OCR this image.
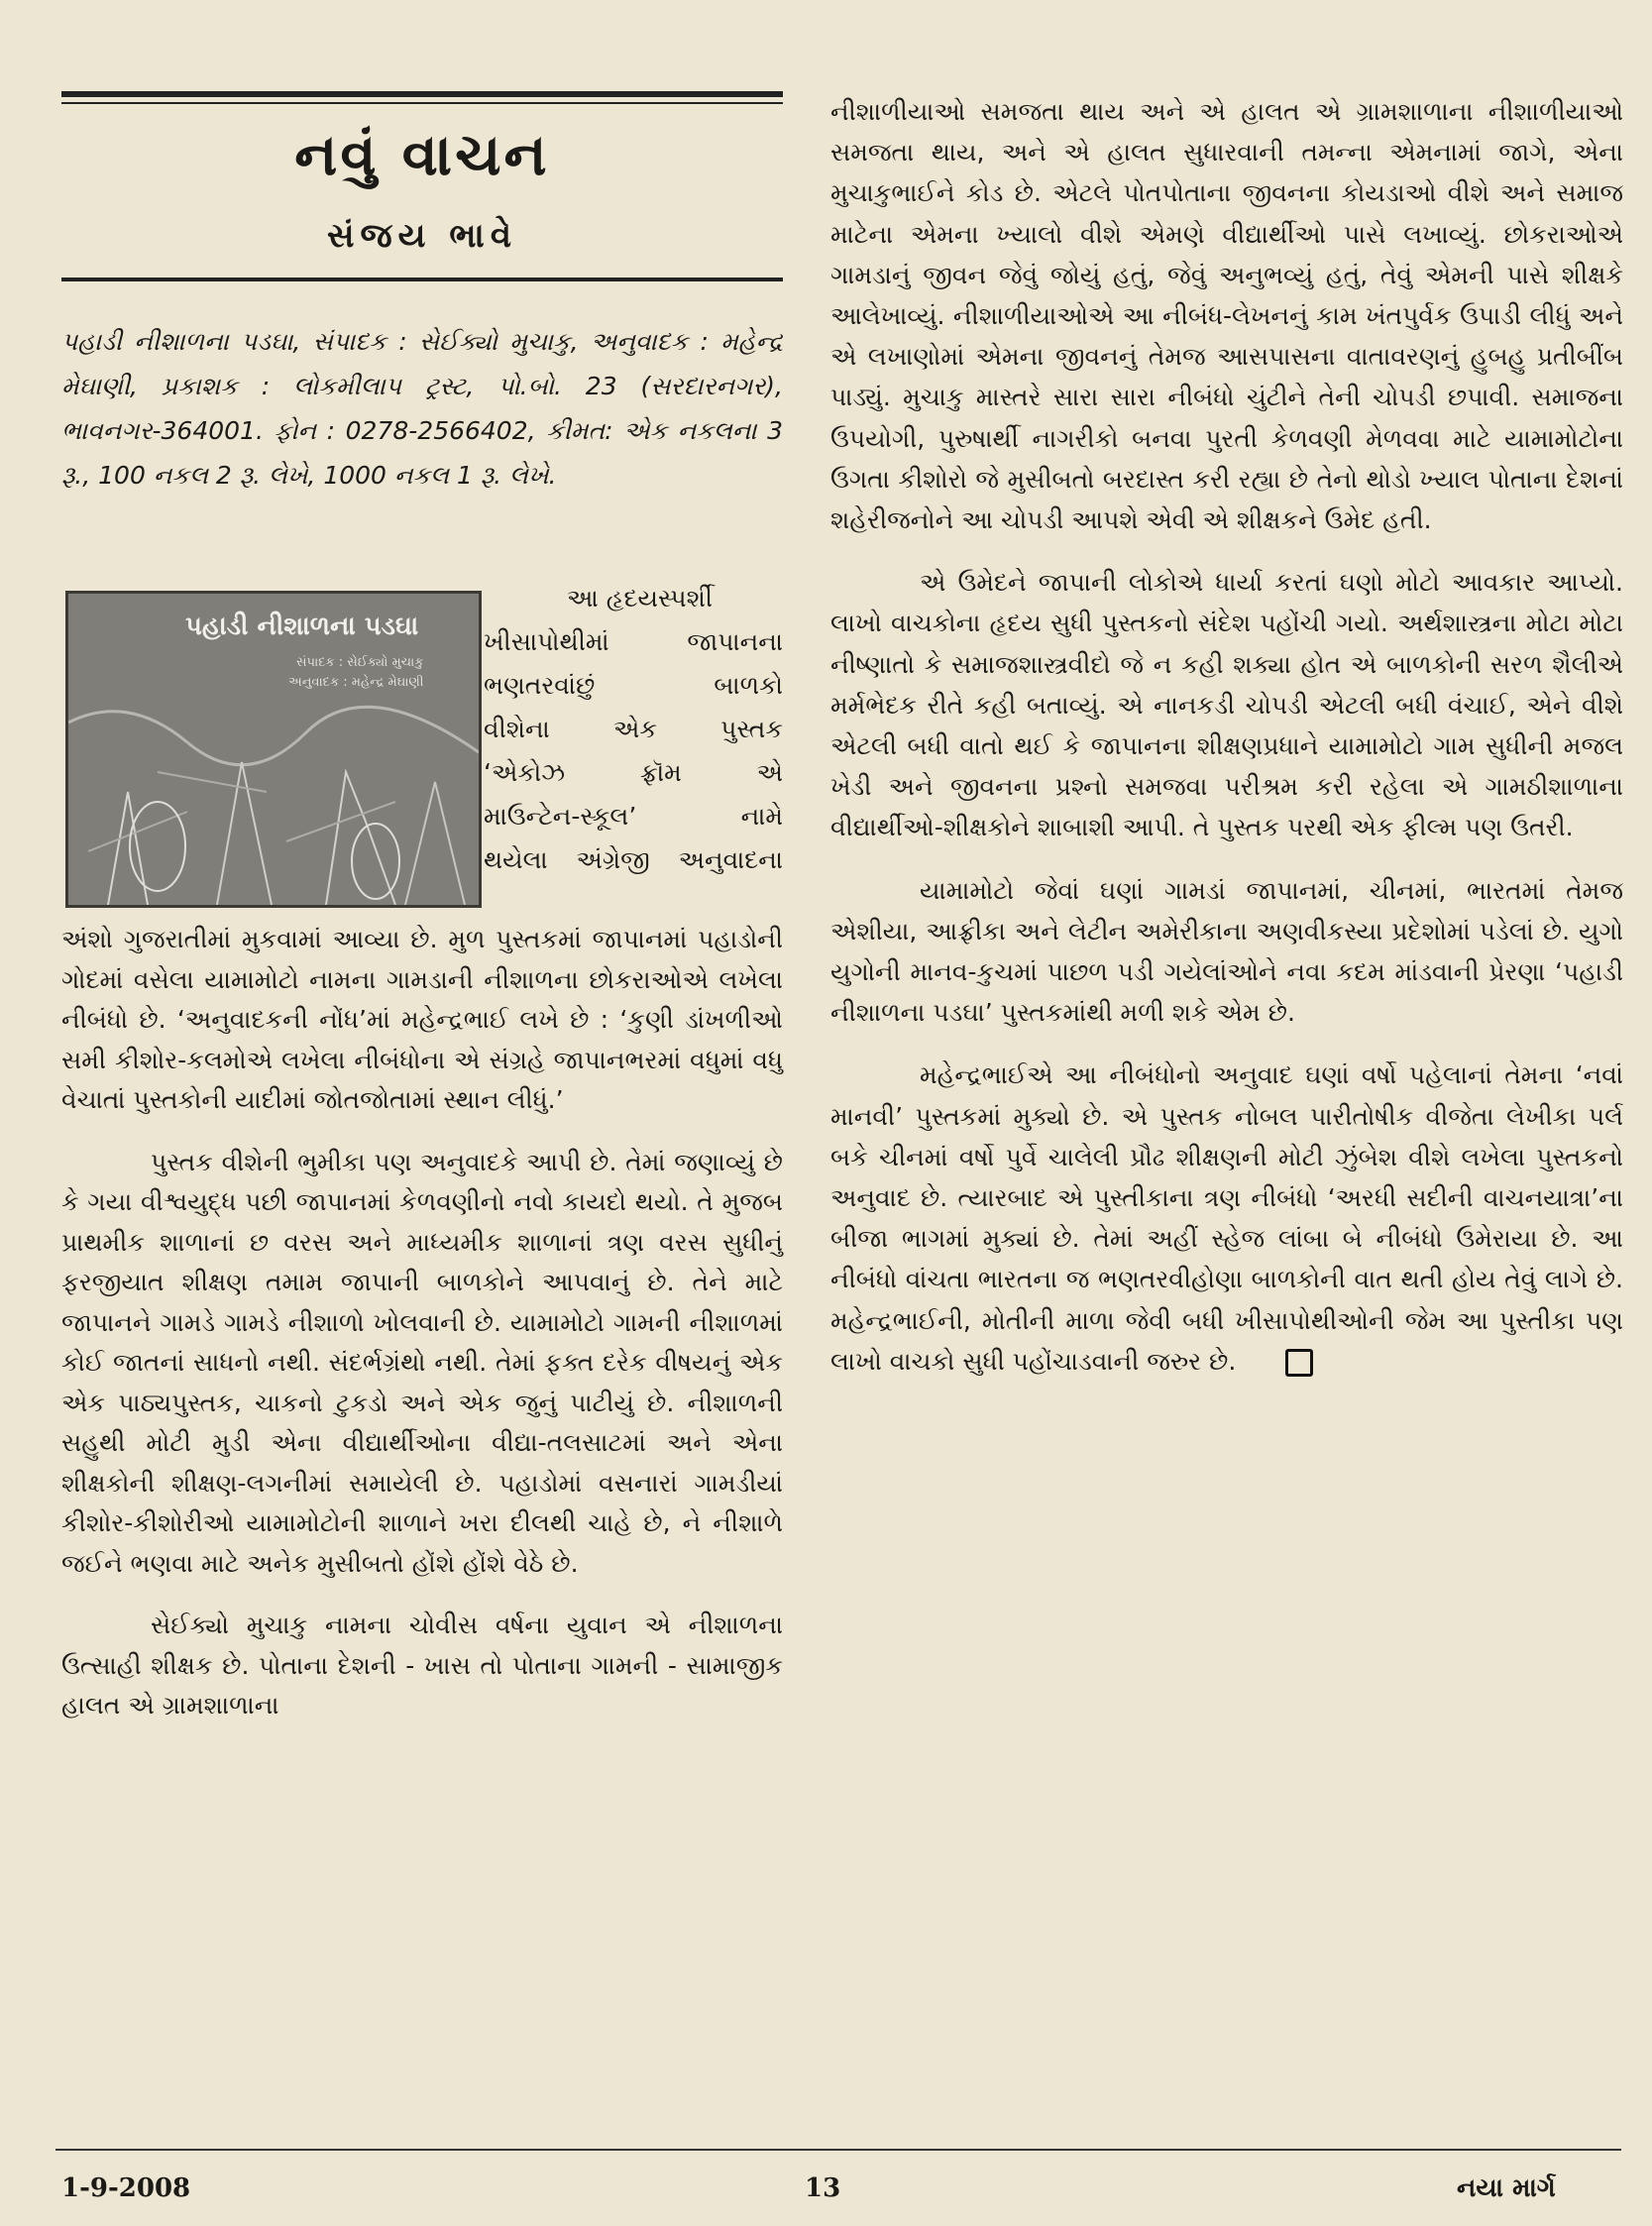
નવું વાચન
સંજય ભાવે

પહાડી નીશાળના પડઘા, સંપાદક : સેઈક્યો મુચાકુ, અનુવાદક : મહેન્દ્ર મેઘાણી, પ્રકાશક : લોકમીલાપ ટ્રસ્ટ, પો.બો. 23 (સરદારનગર), ભાવનગર-364001. ફોન : 0278-2566402, કીમત: એક નકલના 3 રૂ., 100 નકલ 2 રૂ. લેખે, 1000 નકલ 1 રૂ. લેખે.

પહાડી નીશાળના પડઘા
સંપાદક : સેઈક્યો મુચાકુ
અનુવાદક : મહેન્દ્ર મેઘાણી

આ હૃદયસ્પર્શી

ખીસાપોથીમાં જાપાનના

ભણતરવાંછું બાળકો

વીશેના એક પુસ્તક

‘એકોઝ ફ્રૉમ એ

માઉન્ટેન-સ્કૂલ’ નામે

થયેલા અંગ્રેજી અનુવાદના

અંશો ગુજરાતીમાં મુકવામાં આવ્યા છે. મુળ પુસ્તકમાં જાપાનમાં પહાડોની ગોદમાં વસેલા યામામોટો નામના ગામડાની નીશાળના છોકરાઓએ લખેલા નીબંધો છે. ‘અનુવાદકની નોંધ’માં મહેન્દ્રભાઈ લખે છે : ‘કુણી ડાંખળીઓ સમી કીશોર-કલમોએ લખેલા નીબંધોના એ સંગ્રહે જાપાનભરમાં વધુમાં વધુ વેચાતાં પુસ્તકોની યાદીમાં જોતજોતામાં સ્થાન લીધું.’

પુસ્તક વીશેની ભુમીકા પણ અનુવાદકે આપી છે. તેમાં જણાવ્યું છે કે ગયા વીશ્વયુદ્ધ પછી જાપાનમાં કેળવણીનો નવો કાયદો થયો. તે મુજબ પ્રાથમીક શાળાનાં છ વરસ અને માધ્યમીક શાળાનાં ત્રણ વરસ સુધીનું ફરજીયાત શીક્ષણ તમામ જાપાની બાળકોને આપવાનું છે. તેને માટે જાપાનને ગામડે ગામડે નીશાળો ખોલવાની છે. યામામોટો ગામની નીશાળમાં કોઈ જાતનાં સાધનો નથી. સંદર્ભગ્રંથો નથી. તેમાં ફક્ત દરેક વીષયનું એક એક પાઠ્યપુસ્તક, ચાકનો ટુકડો અને એક જુનું પાટીયું છે. નીશાળની સહુથી મોટી મુડી એના વીદ્યાર્થીઓના વીદ્યા-તલસાટમાં અને એના શીક્ષકોની શીક્ષણ-લગનીમાં સમાયેલી છે. પહાડોમાં વસનારાં ગામડીયાં કીશોર-કીશોરીઓ યામામોટોની શાળાને ખરા દીલથી ચાહે છે, ને નીશાળે જઈને ભણવા માટે અનેક મુસીબતો હોંશે હોંશે વેઠે છે.

સેઈક્યો મુચાકુ નામના ચોવીસ વર્ષના યુવાન એ નીશાળના ઉત્સાહી શીક્ષક છે. પોતાના દેશની - ખાસ તો પોતાના ગામની - સામાજીક હાલત એ ગ્રામશાળાના

નીશાળીયાઓ સમજતા થાય અને એ હાલત એ ગ્રામશાળાના નીશાળીયાઓ સમજતા થાય, અને એ હાલત સુધારવાની તમન્ના એમનામાં જાગે, એના મુચાકુભાઈને કોડ છે. એટલે પોતપોતાના જીવનના કોયડાઓ વીશે અને સમાજ માટેના એમના ખ્યાલો વીશે એમણે વીદ્યાર્થીઓ પાસે લખાવ્યું. છોકરાઓએ ગામડાનું જીવન જેવું જોયું હતું, જેવું અનુભવ્યું હતું, તેવું એમની પાસે શીક્ષકે આલેખાવ્યું. નીશાળીયાઓએ આ નીબંધ-લેખનનું કામ ખંતપુર્વક ઉપાડી લીધું અને એ લખાણોમાં એમના જીવનનું તેમજ આસપાસના વાતાવરણનું હુબહુ પ્રતીબીંબ પાડ્યું. મુચાકુ માસ્તરે સારા સારા નીબંધો ચુંટીને તેની ચોપડી છપાવી. સમાજના ઉપયોગી, પુરુષાર્થી નાગરીકો બનવા પુરતી કેળવણી મેળવવા માટે યામામોટોના ઉગતા કીશોરો જે મુસીબતો બરદાસ્ત કરી રહ્યા છે તેનો થોડો ખ્યાલ પોતાના દેશનાં શહેરીજનોને આ ચોપડી આપશે એવી એ શીક્ષકને ઉમેદ હતી.

એ ઉમેદને જાપાની લોકોએ ધાર્યા કરતાં ઘણો મોટો આવકાર આપ્યો. લાખો વાચકોના હૃદય સુધી પુસ્તકનો સંદેશ પહોંચી ગયો. અર્થશાસ્ત્રના મોટા મોટા નીષ્ણાતો કે સમાજશાસ્ત્રવીદો જે ન કહી શક્યા હોત એ બાળકોની સરળ શૈલીએ મર્મભેદક રીતે કહી બતાવ્યું. એ નાનકડી ચોપડી એટલી બધી વંચાઈ, એને વીશે એટલી બધી વાતો થઈ કે જાપાનના શીક્ષણપ્રધાને યામામોટો ગામ સુધીની મજલ ખેડી અને જીવનના પ્રશ્નો સમજવા પરીશ્રમ કરી રહેલા એ ગામઠીશાળાના વીદ્યાર્થીઓ-શીક્ષકોને શાબાશી આપી. તે પુસ્તક પરથી એક ફીલ્મ પણ ઉતરી.

યામામોટો જેવાં ઘણાં ગામડાં જાપાનમાં, ચીનમાં, ભારતમાં તેમજ એશીયા, આફ્રીકા અને લેટીન અમેરીકાના અણવીકસ્યા પ્રદેશોમાં પડેલાં છે. યુગો યુગોની માનવ-કુચમાં પાછળ પડી ગયેલાંઓને નવા કદમ માંડવાની પ્રેરણા ‘પહાડી નીશાળના પડઘા’ પુસ્તકમાંથી મળી શકે એમ છે.

મહેન્દ્રભાઈએ આ નીબંધોનો અનુવાદ ઘણાં વર્ષો પહેલાનાં તેમના ‘નવાં માનવી’ પુસ્તકમાં મુક્યો છે. એ પુસ્તક નોબલ પારીતોષીક વીજેતા લેખીકા પર્લ બકે ચીનમાં વર્ષો પુર્વે ચાલેલી પ્રૌઢ શીક્ષણની મોટી ઝુંબેશ વીશે લખેલા પુસ્તકનો અનુવાદ છે. ત્યારબાદ એ પુસ્તીકાના ત્રણ નીબંધો ‘અરધી સદીની વાચનયાત્રા’ના બીજા ભાગમાં મુક્યાં છે. તેમાં અહીં સ્હેજ લાંબા બે નીબંધો ઉમેરાયા છે. આ નીબંધો વાંચતા ભારતના જ ભણતરવીહોણા બાળકોની વાત થતી હોય તેવું લાગે છે. મહેન્દ્રભાઈની, મોતીની માળા જેવી બધી ખીસાપોથીઓની જેમ આ પુસ્તીકા પણ લાખો વાચકો સુધી પહોંચાડવાની જરુર છે.

1-9-2008	13	નયા માર્ગ
